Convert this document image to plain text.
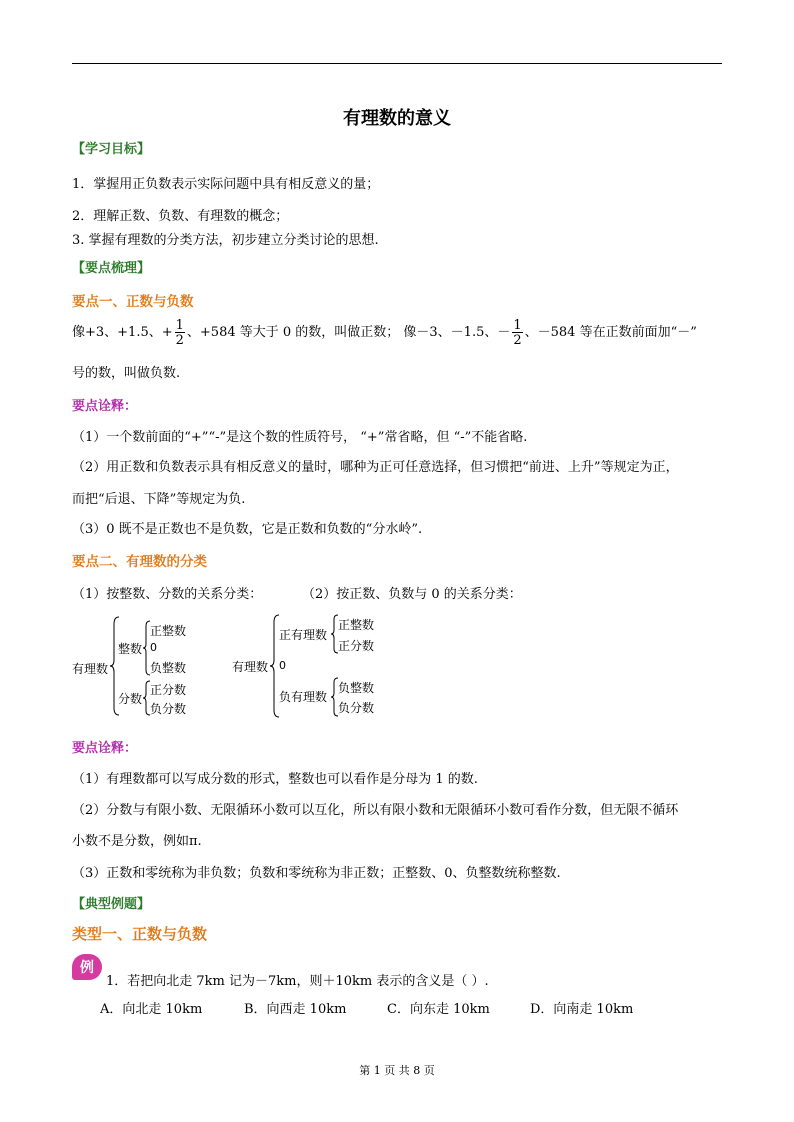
有理数的意义
【学习目标】
1．掌握用正负数表示实际问题中具有相反意义的量；
2．理解正数、负数、有理数的概念；
3. 掌握有理数的分类方法，初步建立分类讨论的思想.
【要点梳理】
要点一、正数与负数
像+3、+1.5、+ $\frac{1}{2}$ 、+584 等大于 0 的数，叫做正数； 像－3、－1.5、－ $\frac{1}{2}$ 、－584 等在正数前面加“－”
号的数，叫做负数.
要点诠释：
（1）一个数前面的“+”“-”是这个数的性质符号， “+”常省略，但 “-”不能省略.
（2）用正数和负数表示具有相反意义的量时，哪种为正可任意选择，但习惯把“前进、上升”等规定为正，
而把“后退、下降”等规定为负.
（3）0 既不是正数也不是负数，它是正数和负数的“分水岭”.
要点二、有理数的分类
（1）按整数、分数的关系分类：	（2）按正数、负数与 0 的关系分类：
有理数
整数
正整数
0
负整数
分数
正分数
负分数
有理数
正有理数
正整数
正分数
0
负有理数
负整数
负分数
要点诠释：
（1）有理数都可以写成分数的形式，整数也可以看作是分母为 1 的数.
（2）分数与有限小数、无限循环小数可以互化，所以有限小数和无限循环小数可看作分数，但无限不循环
小数不是分数，例如π.
（3）正数和零统称为非负数；负数和零统称为非正数；正整数、0、负整数统称整数.
【典型例题】
类型一、正数与负数
例
1．若把向北走 7km 记为－7km，则＋10km 表示的含义是（ ）.
A．向北走 10km	B．向西走 10km	C．向东走 10km	D．向南走 10km
第 1 页 共 8 页
